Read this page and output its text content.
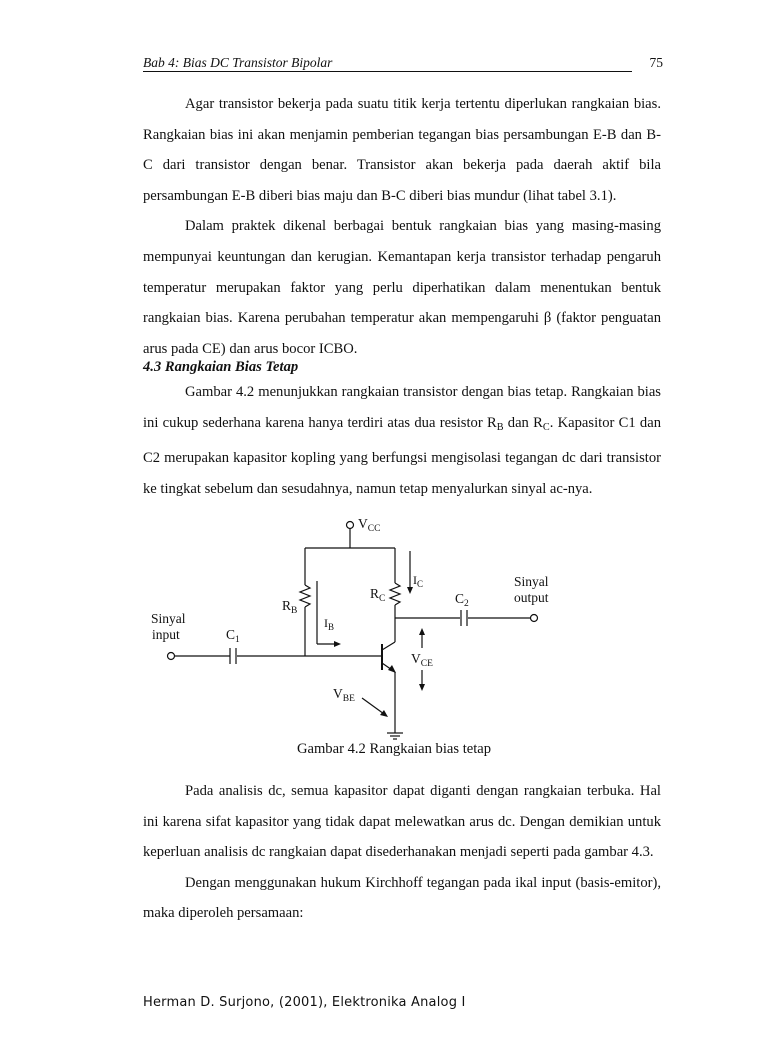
Bab 4: Bias DC Transistor Bipolar	75

Agar transistor bekerja pada suatu titik kerja tertentu diperlukan rangkaian bias. Rangkaian bias ini akan menjamin pemberian tegangan bias persambungan E-B dan B-C dari transistor dengan benar. Transistor akan bekerja pada daerah aktif bila persambungan E-B diberi bias maju dan B-C diberi bias mundur (lihat tabel 3.1).

Dalam praktek dikenal berbagai bentuk rangkaian bias yang masing-masing mempunyai keuntungan dan kerugian. Kemantapan kerja transistor terhadap pengaruh temperatur merupakan faktor yang perlu diperhatikan dalam menentukan bentuk rangkaian bias. Karena perubahan temperatur akan mempengaruhi β (faktor penguatan arus pada CE) dan arus bocor ICBO.

4.3 Rangkaian Bias Tetap

Gambar 4.2 menunjukkan rangkaian transistor dengan bias tetap. Rangkaian bias ini cukup sederhana karena hanya terdiri atas dua resistor $R_B$ dan $R_C$. Kapasitor C1 dan C2 merupakan kapasitor kopling yang berfungsi mengisolasi tegangan dc dari transistor ke tingkat sebelum dan sesudahnya, namun tetap menyalurkan sinyal ac-nya.

$V_{CC}$
$I_C$
$R_C$
$R_B$
$I_B$
$C_1$
$C_2$
$V_{CE}$
$V_{BE}$
Sinyal
input
Sinyal
output
Gambar 4.2 Rangkaian bias tetap

Pada analisis dc, semua kapasitor dapat diganti dengan rangkaian terbuka. Hal ini karena sifat kapasitor yang tidak dapat melewatkan arus dc. Dengan demikian untuk keperluan analisis dc rangkaian dapat disederhanakan menjadi seperti pada gambar 4.3.

Dengan menggunakan hukum Kirchhoff tegangan pada ikal input (basis-emitor), maka diperoleh persamaan:

Herman D. Surjono, (2001), Elektronika Analog I
